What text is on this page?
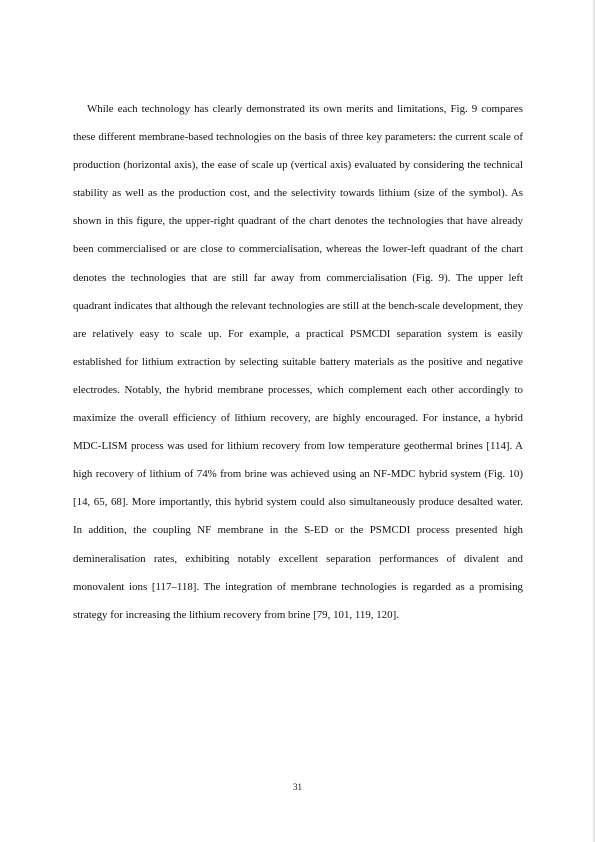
While each technology has clearly demonstrated its own merits and limitations, Fig. 9 compares these different membrane-based technologies on the basis of three key parameters: the current scale of production (horizontal axis), the ease of scale up (vertical axis) evaluated by considering the technical stability as well as the production cost, and the selectivity towards lithium (size of the symbol). As shown in this figure, the upper-right quadrant of the chart denotes the technologies that have already been commercialised or are close to commercialisation, whereas the lower-left quadrant of the chart denotes the technologies that are still far away from commercialisation (Fig. 9). The upper left quadrant indicates that although the relevant technologies are still at the bench-scale development, they are relatively easy to scale up. For example, a practical PSMCDI separation system is easily established for lithium extraction by selecting suitable battery materials as the positive and negative electrodes. Notably, the hybrid membrane processes, which complement each other accordingly to maximize the overall efficiency of lithium recovery, are highly encouraged. For instance, a hybrid MDC-LISM process was used for lithium recovery from low temperature geothermal brines [114]. A high recovery of lithium of 74% from brine was achieved using an NF-MDC hybrid system (Fig. 10) [14, 65, 68]. More importantly, this hybrid system could also simultaneously produce desalted water. In addition, the coupling NF membrane in the S-ED or the PSMCDI process presented high demineralisation rates, exhibiting notably excellent separation performances of divalent and monovalent ions [117–118]. The integration of membrane technologies is regarded as a promising strategy for increasing the lithium recovery from brine [79, 101, 119, 120].

31
